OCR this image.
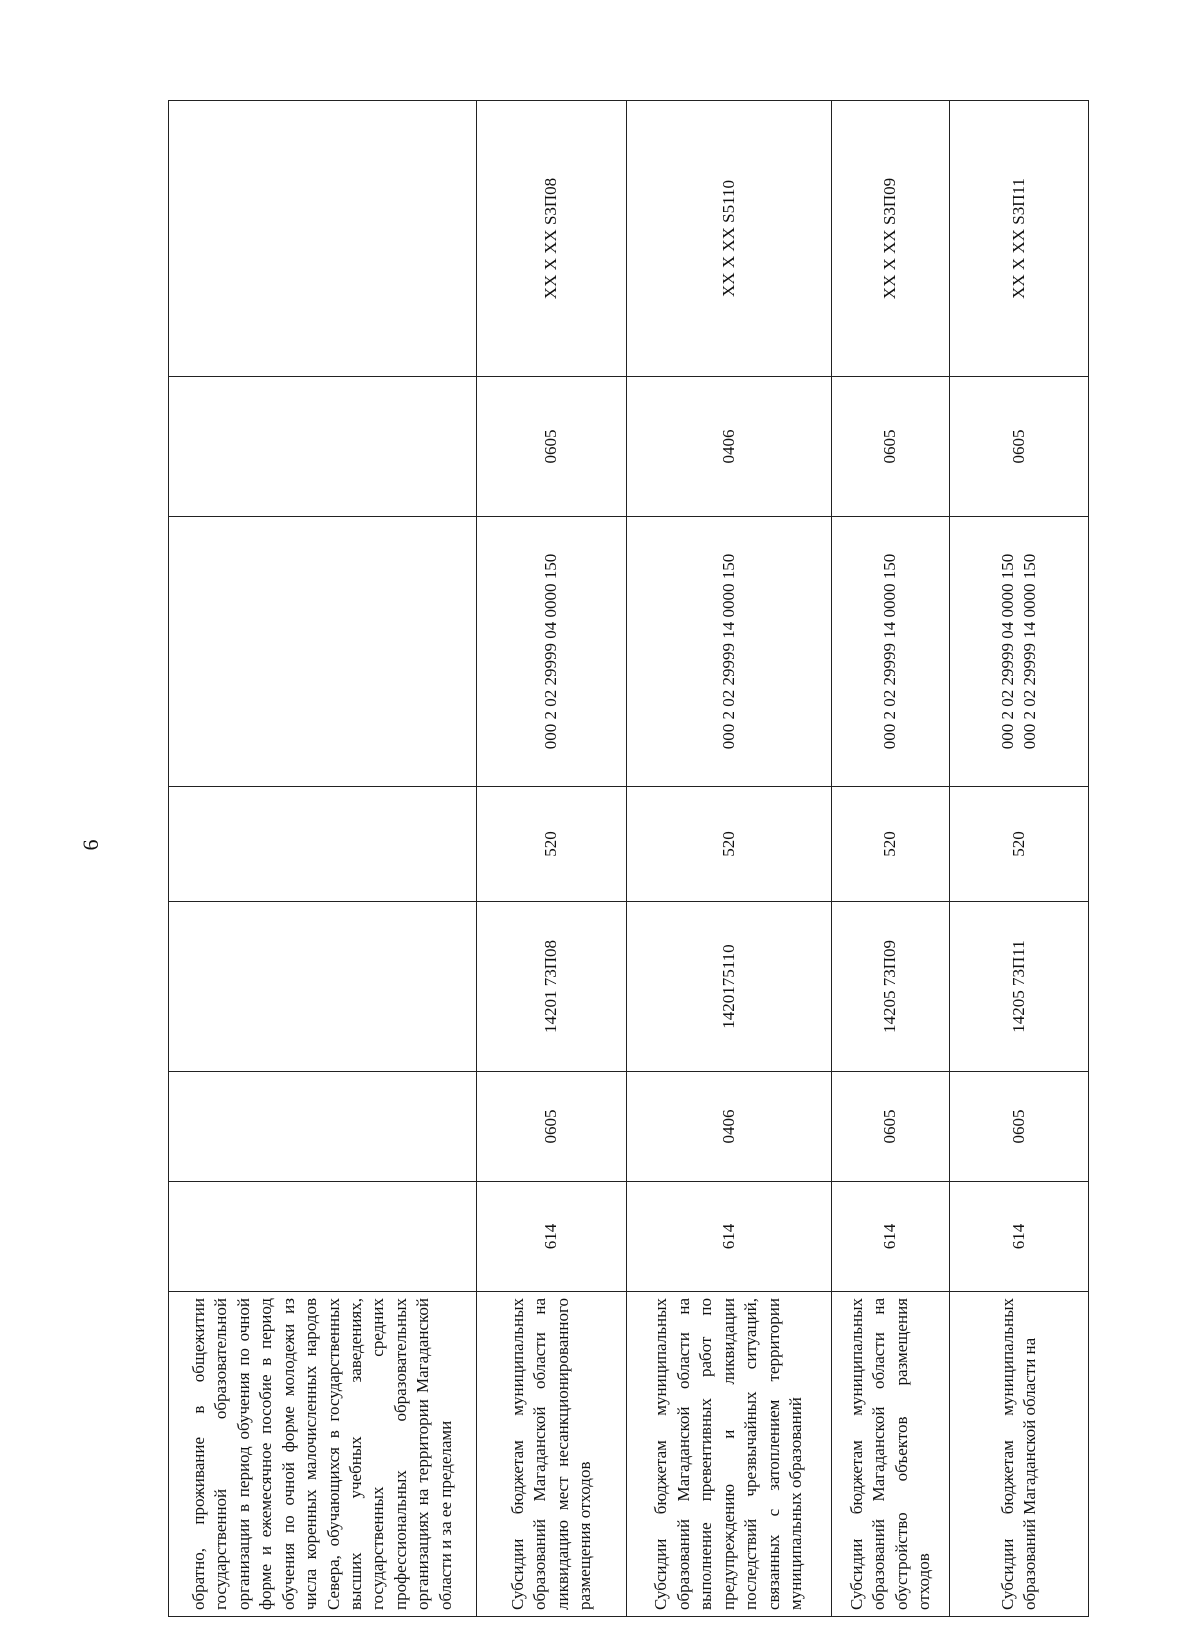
6
обратно, проживание в общежитии государственной образовательной организации в период обучения по очной форме и ежемесячное пособие в период обучения по очной форме молодежи из числа коренных малочисленных народов Севера, обучающихся в государственных высших учебных заведениях, государственных средних профессиональных образовательных организациях на территории Магаданской области и за ее пределами					

Субсидии бюджетам муниципальных образований Магаданской области на ликвидацию мест несанкционированного размещения отходов	614	0605	14201 73П08	520	000 2 02 29999 04 0000 150	0605	XX X XX S3П08
Субсидии бюджетам муниципальных образований Магаданской области на выполнение превентивных работ по предупреждению и ликвидации последствий чрезвычайных ситуаций, связанных с затоплением территории муниципальных образований	614	0406	1420175110	520	000 2 02 29999 14 0000 150	0406	XX X XX S5110
Субсидии бюджетам муниципальных образований Магаданской области на обустройство объектов размещения отходов	614	0605	14205 73П09	520	000 2 02 29999 14 0000 150	0605	XX X XX S3П09
Субсидии бюджетам муниципальных образований Магаданской области на	614	0605	14205 73П11	520	000 2 02 29999 04 0000 150 000 2 02 29999 14 0000 150	0605	XX X XX S3П11
